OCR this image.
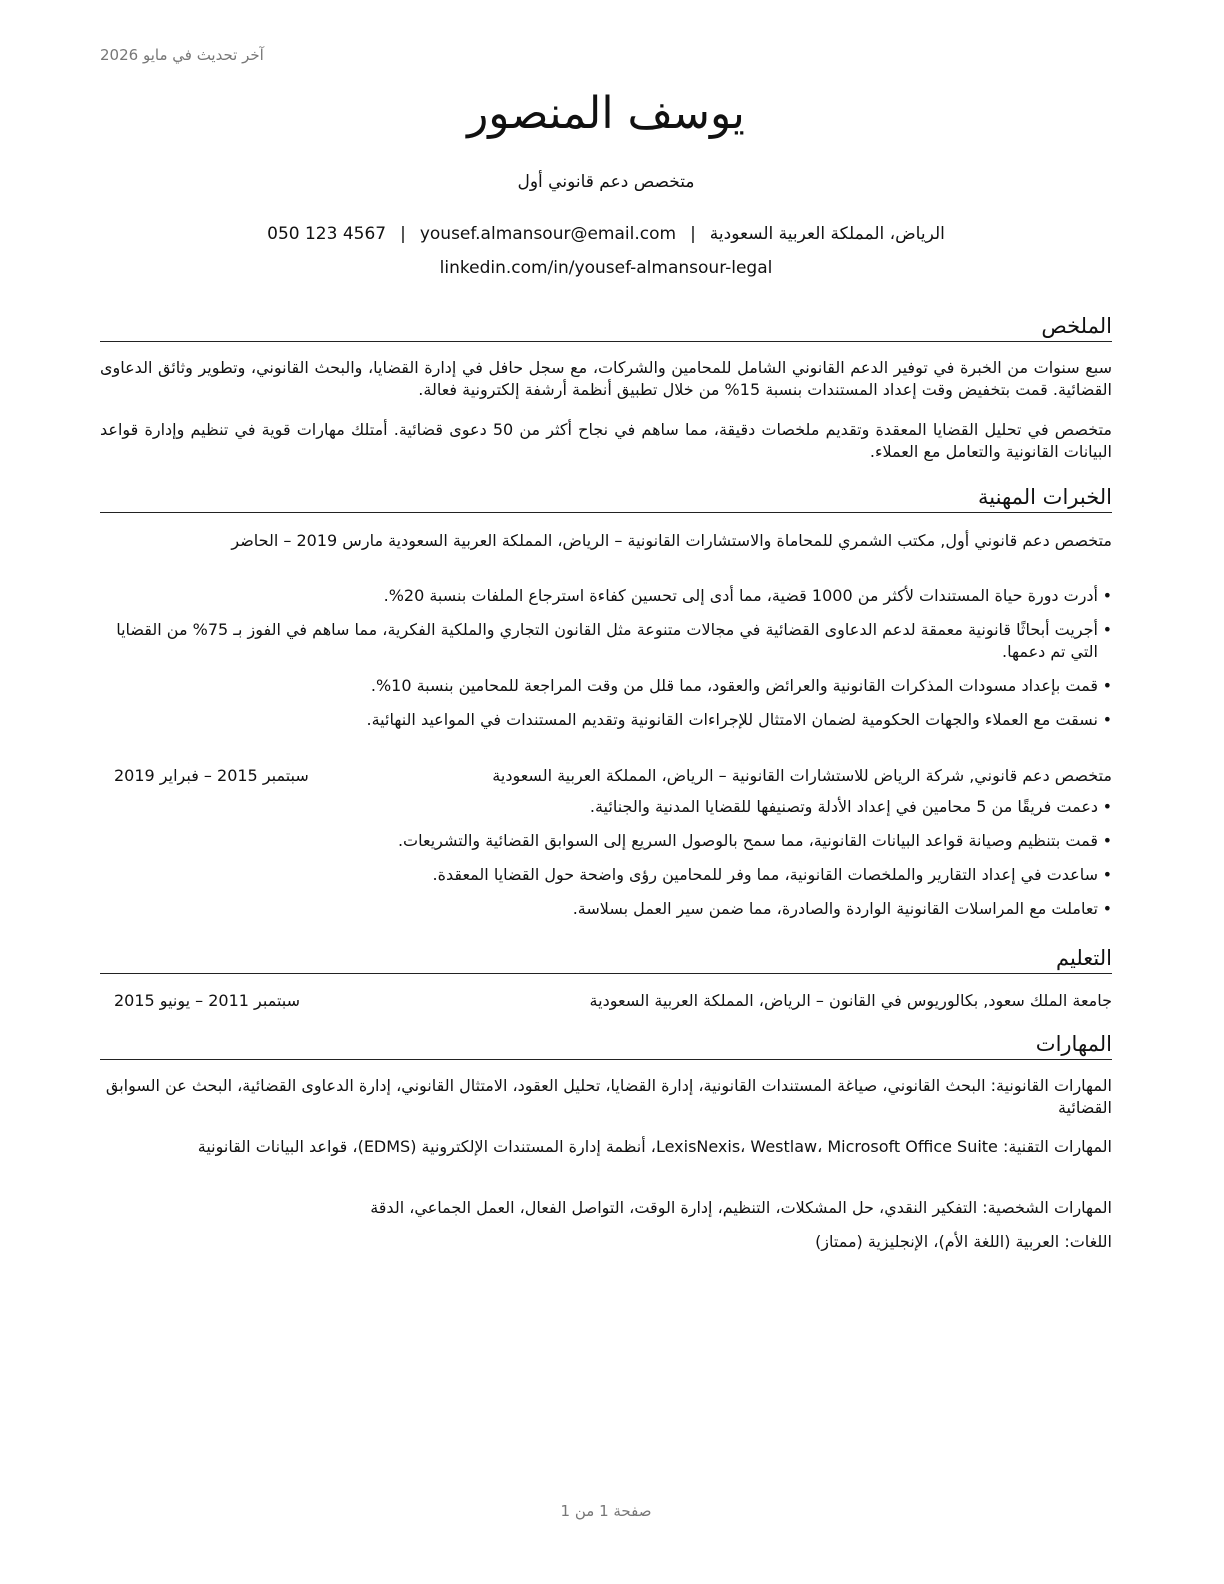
آخر تحديث في مايو 2026
يوسف المنصور
متخصص دعم قانوني أول
الرياض، المملكة العربية السعودية|yousef.almansour@email.com|050 123 4567
linkedin.com/in/yousef-almansour-legal
الملخص
سبع سنوات من الخبرة في توفير الدعم القانوني الشامل للمحامين والشركات، مع سجل حافل في إدارة القضايا، والبحث القانوني، وتطوير وثائق الدعاوى القضائية. قمت بتخفيض وقت إعداد المستندات بنسبة 15% من خلال تطبيق أنظمة أرشفة إلكترونية فعالة.
متخصص في تحليل القضايا المعقدة وتقديم ملخصات دقيقة، مما ساهم في نجاح أكثر من 50 دعوى قضائية. أمتلك مهارات قوية في تنظيم وإدارة قواعد البيانات القانونية والتعامل مع العملاء.
الخبرات المهنية
متخصص دعم قانوني أول, مكتب الشمري للمحاماة والاستشارات القانونية – الرياض، المملكة العربية السعودية مارس 2019 – الحاضر
• أدرت دورة حياة المستندات لأكثر من 1000 قضية، مما أدى إلى تحسين كفاءة استرجاع الملفات بنسبة 20%.
• أجريت أبحاثًا قانونية معمقة لدعم الدعاوى القضائية في مجالات متنوعة مثل القانون التجاري والملكية الفكرية، مما ساهم في الفوز بـ 75% من القضايا التي تم دعمها.
• قمت بإعداد مسودات المذكرات القانونية والعرائض والعقود، مما قلل من وقت المراجعة للمحامين بنسبة 10%.
• نسقت مع العملاء والجهات الحكومية لضمان الامتثال للإجراءات القانونية وتقديم المستندات في المواعيد النهائية.
متخصص دعم قانوني, شركة الرياض للاستشارات القانونية – الرياض، المملكة العربية السعودية
سبتمبر 2015 – فبراير 2019
• دعمت فريقًا من 5 محامين في إعداد الأدلة وتصنيفها للقضايا المدنية والجنائية.
• قمت بتنظيم وصيانة قواعد البيانات القانونية، مما سمح بالوصول السريع إلى السوابق القضائية والتشريعات.
• ساعدت في إعداد التقارير والملخصات القانونية، مما وفر للمحامين رؤى واضحة حول القضايا المعقدة.
• تعاملت مع المراسلات القانونية الواردة والصادرة، مما ضمن سير العمل بسلاسة.
التعليم
جامعة الملك سعود, بكالوريوس في القانون – الرياض، المملكة العربية السعودية
سبتمبر 2011 – يونيو 2015
المهارات
المهارات القانونية: البحث القانوني، صياغة المستندات القانونية، إدارة القضايا، تحليل العقود، الامتثال القانوني، إدارة الدعاوى القضائية، البحث عن السوابق القضائية
المهارات التقنية: LexisNexis، Westlaw، Microsoft Office Suite، أنظمة إدارة المستندات الإلكترونية (EDMS)، قواعد البيانات القانونية
المهارات الشخصية: التفكير النقدي، حل المشكلات، التنظيم، إدارة الوقت، التواصل الفعال، العمل الجماعي، الدقة
اللغات: العربية (اللغة الأم)، الإنجليزية (ممتاز)
صفحة 1 من 1
